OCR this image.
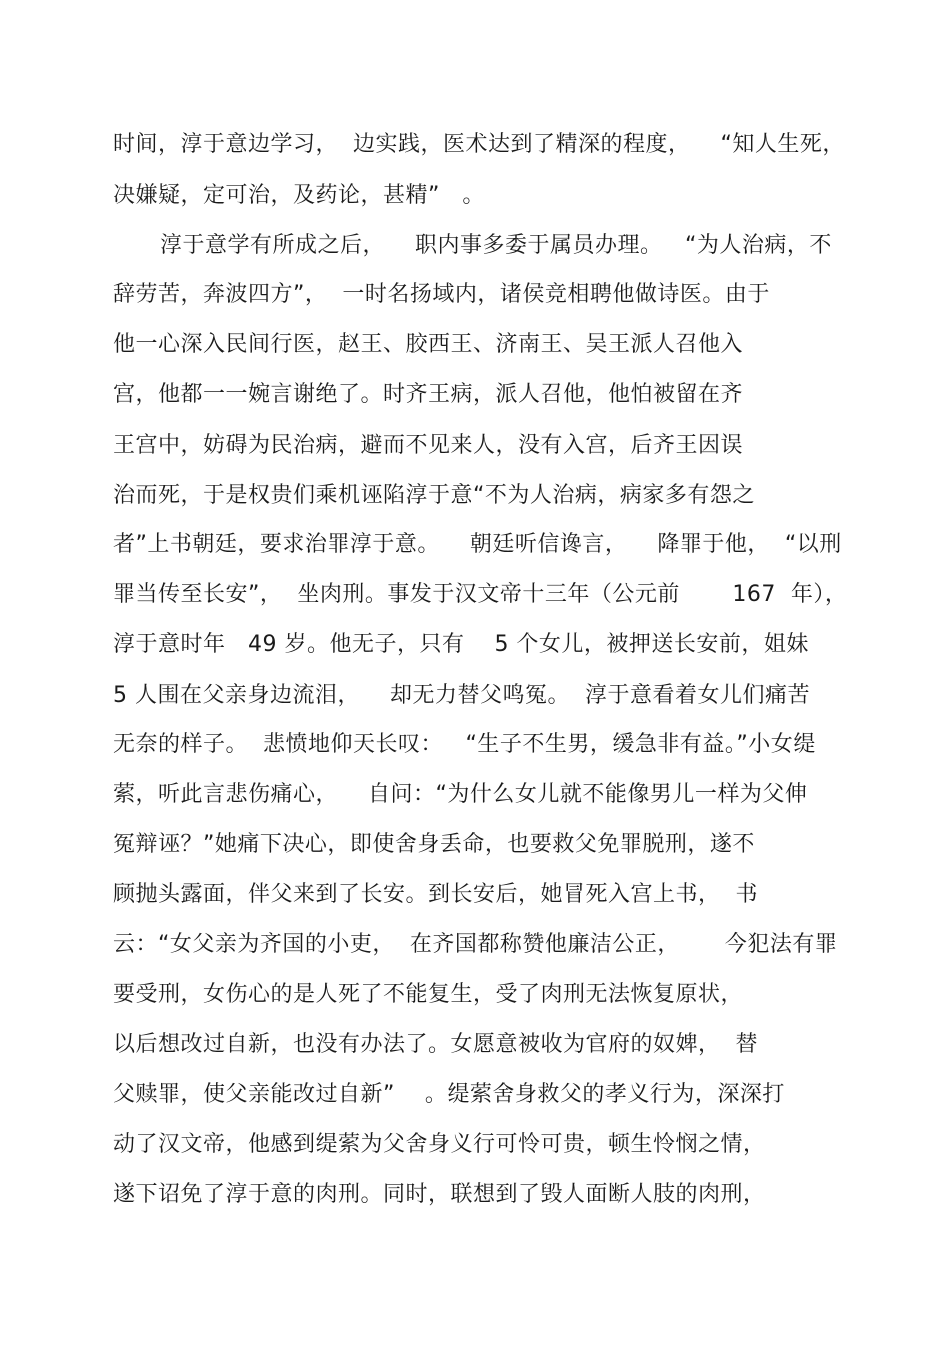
时间，淳于意边学习，  边实践，医术达到了精深的程度，    “知人生死，
决嫌疑，定可治，及药论，甚精”   。
淳于意学有所成之后，    职内事多委于属员办理。   “为人治病，不
辞劳苦，奔波四方”，  一时名扬域内，诸侯竞相聘他做诗医。由于
他一心深入民间行医，赵王、胶西王、济南王、吴王派人召他入
宫，他都一一婉言谢绝了。时齐王病，派人召他，他怕被留在齐
王宫中，妨碍为民治病，避而不见来人，没有入宫，后齐王因误
治而死，于是权贵们乘机诬陷淳于意“不为人治病，病家多有怨之
者”上书朝廷，要求治罪淳于意。    朝廷听信谗言，    降罪于他，  “以刑
罪当传至长安”，  坐肉刑。事发于汉文帝十三年（公元前       167  年），
淳于意时年   49 岁。他无子，只有    5 个女儿，被押送长安前，姐妹
5 人围在父亲身边流泪，    却无力替父鸣冤。  淳于意看着女儿们痛苦
无奈的样子。  悲愤地仰天长叹：   “生子不生男，缓急非有益。”小女缇
萦，听此言悲伤痛心，    自问：“为什么女儿就不能像男儿一样为父伸
冤辩诬？”她痛下决心，即使舍身丢命，也要救父免罪脱刑，遂不
顾抛头露面，伴父来到了长安。到长安后，她冒死入宫上书，  书
云：“女父亲为齐国的小吏，  在齐国都称赞他廉洁公正，      今犯法有罪
要受刑，女伤心的是人死了不能复生，受了肉刑无法恢复原状，
以后想改过自新，也没有办法了。女愿意被收为官府的奴婢，  替
父赎罪，使父亲能改过自新”    。缇萦舍身救父的孝义行为，深深打
动了汉文帝，他感到缇萦为父舍身义行可怜可贵，顿生怜悯之情，
遂下诏免了淳于意的肉刑。同时，联想到了毁人面断人肢的肉刑，
